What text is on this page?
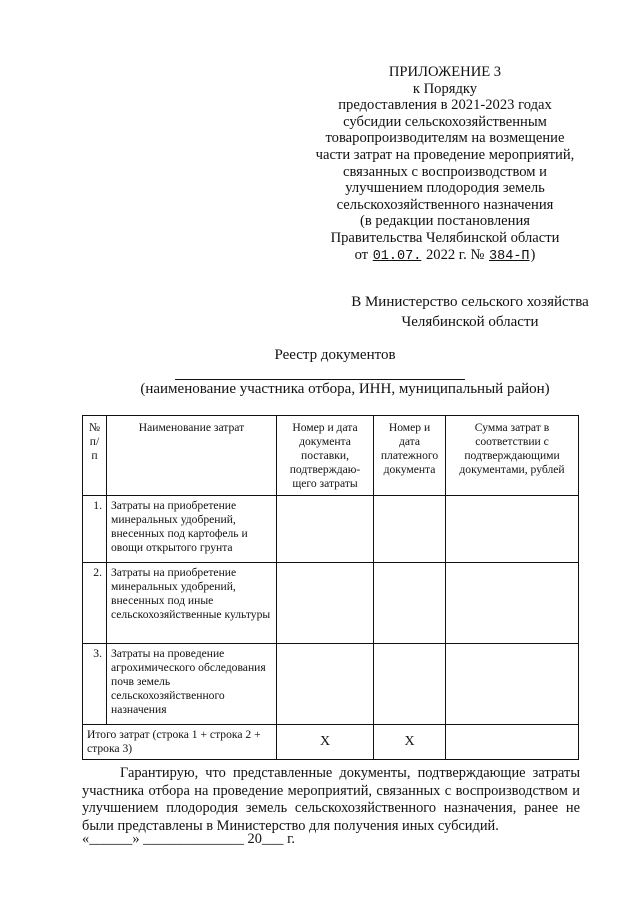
ПРИЛОЖЕНИЕ 3
к Порядку
предоставления в 2021-2023 годах
субсидии сельскохозяйственным
товаропроизводителям на возмещение
части затрат на проведение мероприятий,
связанных с воспроизводством и
улучшением плодородия земель
сельскохозяйственного назначения
(в редакции постановления
Правительства Челябинской области
от 01.07. 2022 г. № 384-П)
В Министерство сельского хозяйства
Челябинской области
Реестр документов
(наименование участника отбора, ИНН, муниципальный район)
№ п/п	Наименование затрат	Номер и дата документа поставки, подтверждаю-щего затраты	Номер и дата платежного документа	Сумма затрат в соответствии с подтверждающими документами, рублей
1.	Затраты на приобретение минеральных удобрений, внесенных под картофель и овощи открытого грунта			
2.	Затраты на приобретение минеральных удобрений, внесенных под иные сельскохозяйственные культуры			
3.	Затраты на проведение агрохимического обследования почв земель сельскохозяйственного назначения			
Итого затрат (строка 1 + строка 2 + строка 3)		Х	Х	
Гарантирую, что представленные документы, подтверждающие затраты
участника отбора на проведение мероприятий, связанных с воспроизводством и улучшением плодородия земель сельскохозяйственного назначения, ранее не были представлены в Министерство для получения иных субсидий.
«______» ______________ 20___ г.
